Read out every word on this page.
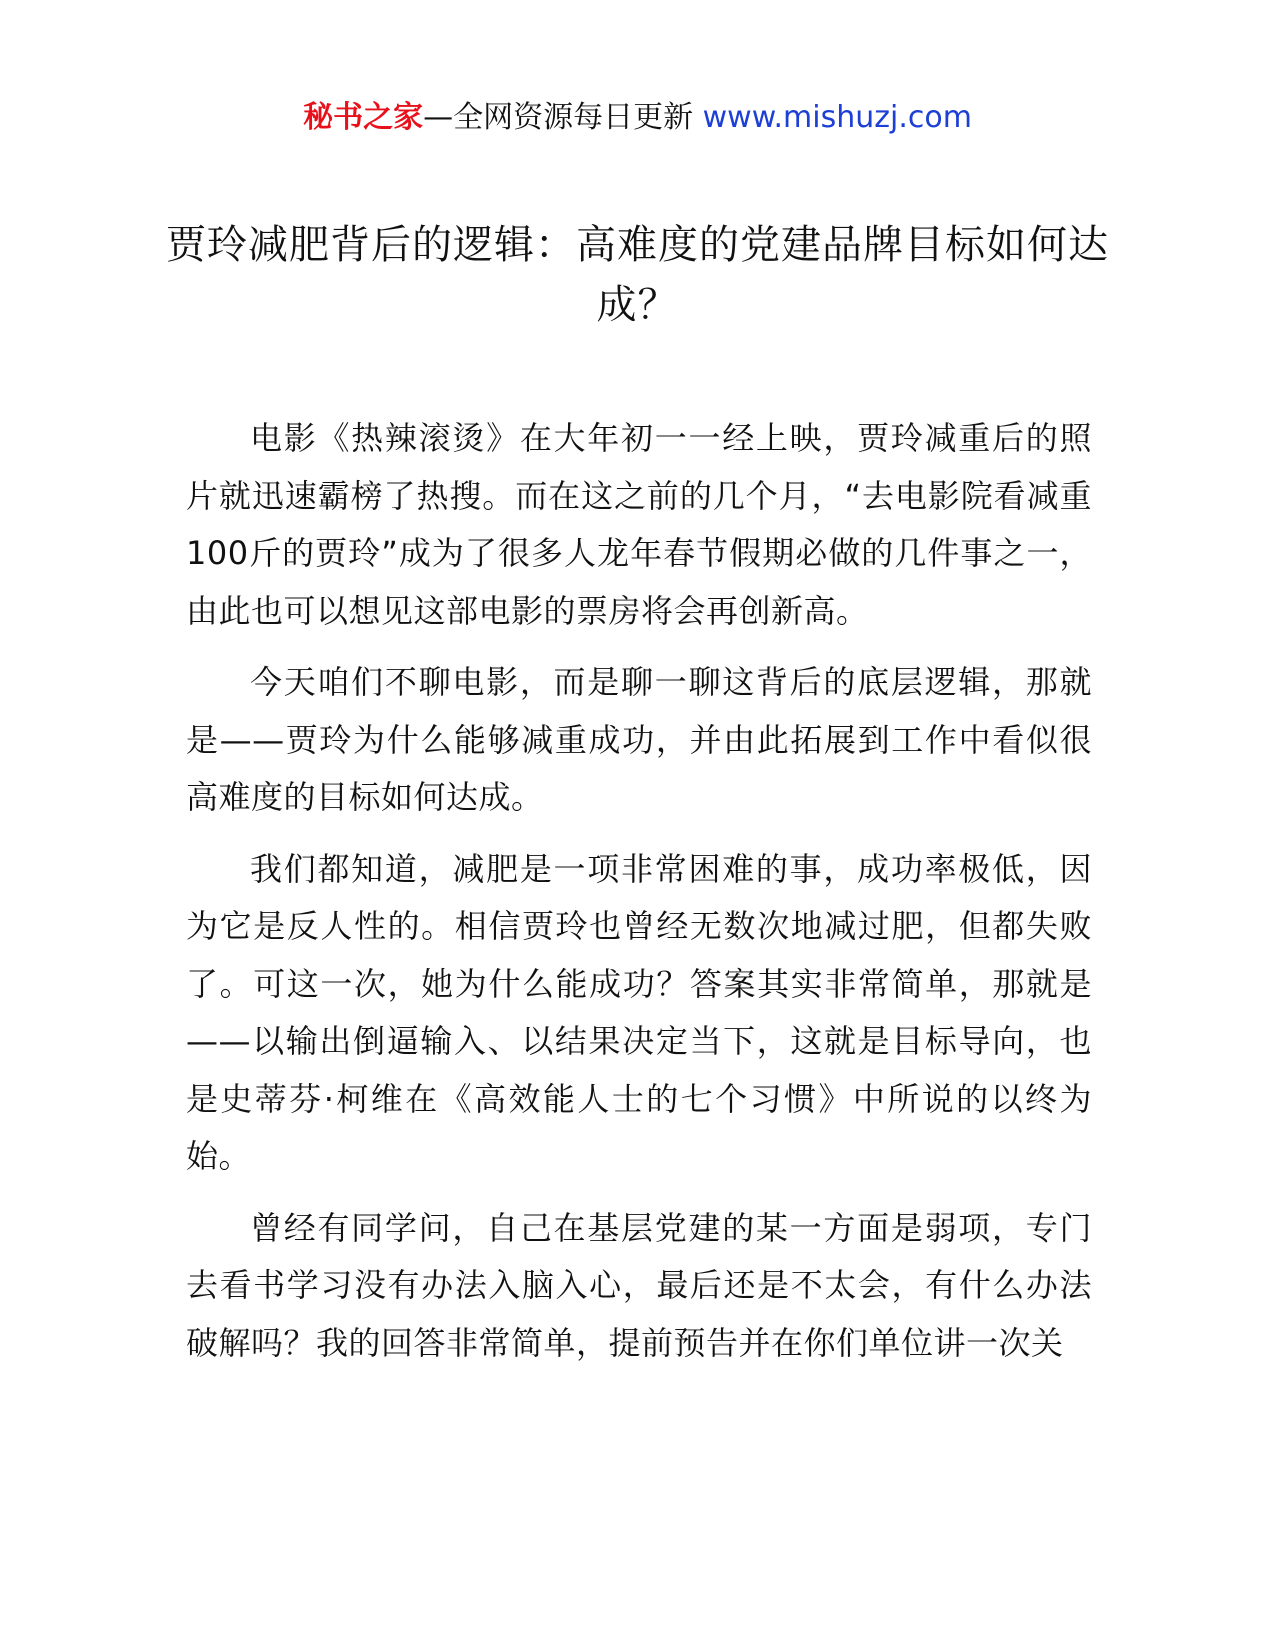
秘书之家—全网资源每日更新 www.mishuzj.com
贾玲减肥背后的逻辑：高难度的党建品牌目标如何达成？

电影《热辣滚烫》在大年初一一经上映，贾玲减重后的照片就迅速霸榜了热搜。而在这之前的几个月，“去电影院看减重100斤的贾玲”成为了很多人龙年春节假期必做的几件事之一，由此也可以想见这部电影的票房将会再创新高。

今天咱们不聊电影，而是聊一聊这背后的底层逻辑，那就是——贾玲为什么能够减重成功，并由此拓展到工作中看似很高难度的目标如何达成。

我们都知道，减肥是一项非常困难的事，成功率极低，因为它是反人性的。相信贾玲也曾经无数次地减过肥，但都失败了。可这一次，她为什么能成功？答案其实非常简单，那就是——以输出倒逼输入、以结果决定当下，这就是目标导向，也是史蒂芬·柯维在《高效能人士的七个习惯》中所说的以终为始。

曾经有同学问，自己在基层党建的某一方面是弱项，专门去看书学习没有办法入脑入心，最后还是不太会，有什么办法破解吗？我的回答非常简单，提前预告并在你们单位讲一次关
